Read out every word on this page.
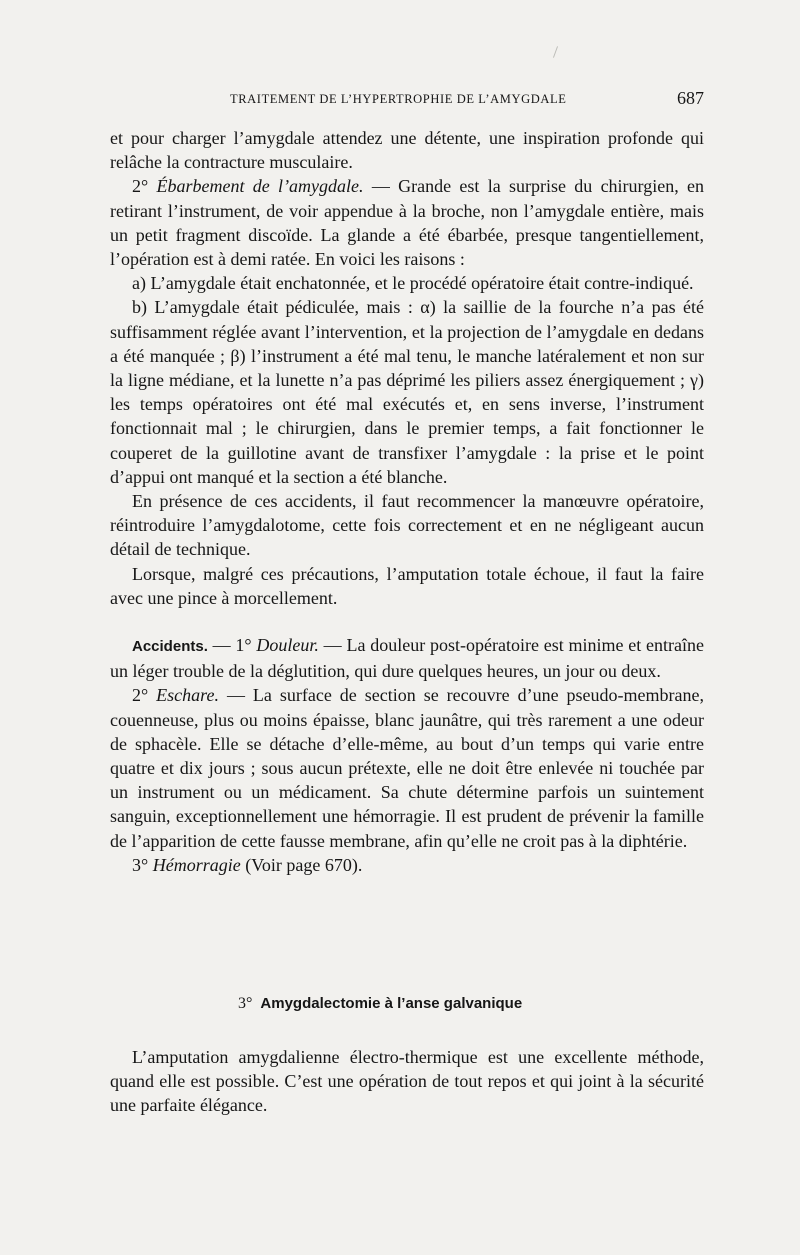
TRAITEMENT DE L’HYPERTROPHIE DE L’AMYGDALE	687

et pour charger l’amygdale attendez une détente, une inspiration profonde qui relâche la contracture musculaire.

2° Ébarbement de l’amygdale. — Grande est la surprise du chirurgien, en retirant l’instrument, de voir appendue à la broche, non l’amygdale entière, mais un petit fragment discoïde. La glande a été ébarbée, presque tangentiellement, l’opération est à demi ratée. En voici les raisons :

a) L’amygdale était enchatonnée, et le procédé opératoire était contre-indiqué.

b) L’amygdale était pédiculée, mais : α) la saillie de la fourche n’a pas été suffisamment réglée avant l’intervention, et la projection de l’amygdale en dedans a été manquée ; β) l’instrument a été mal tenu, le manche latéralement et non sur la ligne médiane, et la lunette n’a pas déprimé les piliers assez énergiquement ; γ) les temps opératoires ont été mal exécutés et, en sens inverse, l’instrument fonctionnait mal ; le chirurgien, dans le premier temps, a fait fonctionner le couperet de la guillotine avant de transfixer l’amygdale : la prise et le point d’appui ont manqué et la section a été blanche.

En présence de ces accidents, il faut recommencer la manœuvre opératoire, réintroduire l’amygdalotome, cette fois correctement et en ne négligeant aucun détail de technique.

Lorsque, malgré ces précautions, l’amputation totale échoue, il faut la faire avec une pince à morcellement.

Accidents. — 1° Douleur. — La douleur post-opératoire est minime et entraîne un léger trouble de la déglutition, qui dure quelques heures, un jour ou deux.

2° Eschare. — La surface de section se recouvre d’une pseudo-membrane, couenneuse, plus ou moins épaisse, blanc jaunâtre, qui très rarement a une odeur de sphacèle. Elle se détache d’elle-même, au bout d’un temps qui varie entre quatre et dix jours ; sous aucun prétexte, elle ne doit être enlevée ni touchée par un instrument ou un médicament. Sa chute détermine parfois un suintement sanguin, exceptionnellement une hémorragie. Il est prudent de prévenir la famille de l’apparition de cette fausse membrane, afin qu’elle ne croit pas à la diphtérie.

3° Hémorragie (Voir page 670).

3° Amygdalectomie à l’anse galvanique

L’amputation amygdalienne électro-thermique est une excellente méthode, quand elle est possible. C’est une opération de tout repos et qui joint à la sécurité une parfaite élégance.
